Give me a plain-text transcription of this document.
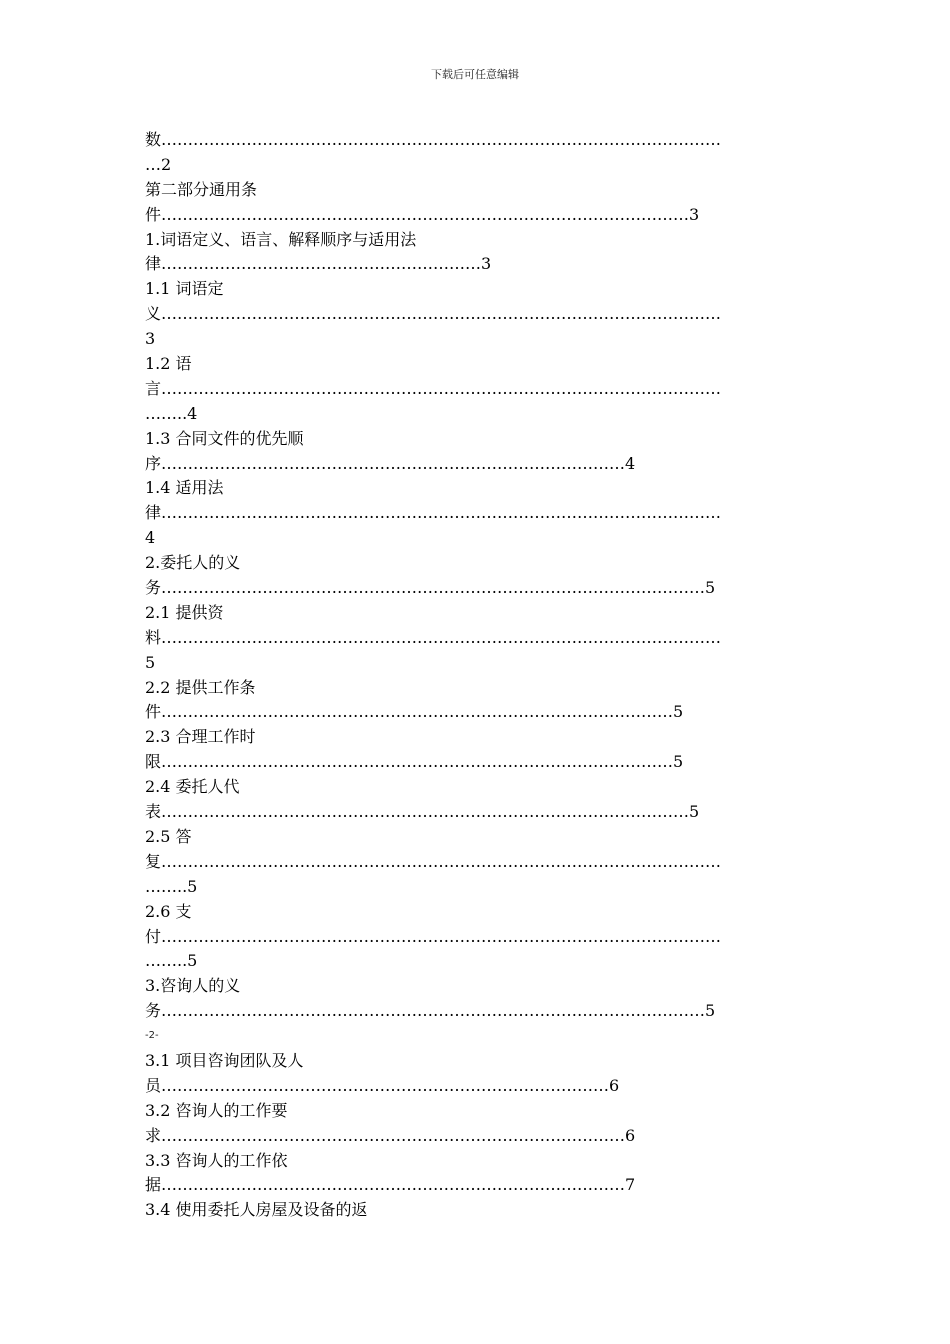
下载后可任意编辑
数……………………………………………………………………………………………
…2
第二部分通用条
件………………………………………………………………………………………3
1.词语定义、语言、解释顺序与适用法
律……………………………………………………3
1.1 词语定
义……………………………………………………………………………………………
3
1.2 语
言……………………………………………………………………………………………
……..4
1.3 合同文件的优先顺
序……………………………………………………………………………4
1.4 适用法
律……………………………………………………………………………………………
4
2.委托人的义
务…………………………………………………………………………………………5
2.1 提供资
料……………………………………………………………………………………………
5
2.2 提供工作条
件……………………………………………………………………………………5
2.3 合理工作时
限……………………………………………………………………………………5
2.4 委托人代
表………………………………………………………………………………………5
2.5 答
复……………………………………………………………………………………………
……..5
2.6 支
付……………………………………………………………………………………………
……..5
3.咨询人的义
务…………………………………………………………………………………………5
-2-
3.1 项目咨询团队及人
员…………………………………………………………………………6
3.2 咨询人的工作要
求……………………………………………………………………………6
3.3 咨询人的工作依
据……………………………………………………………………………7
3.4 使用委托人房屋及设备的返
